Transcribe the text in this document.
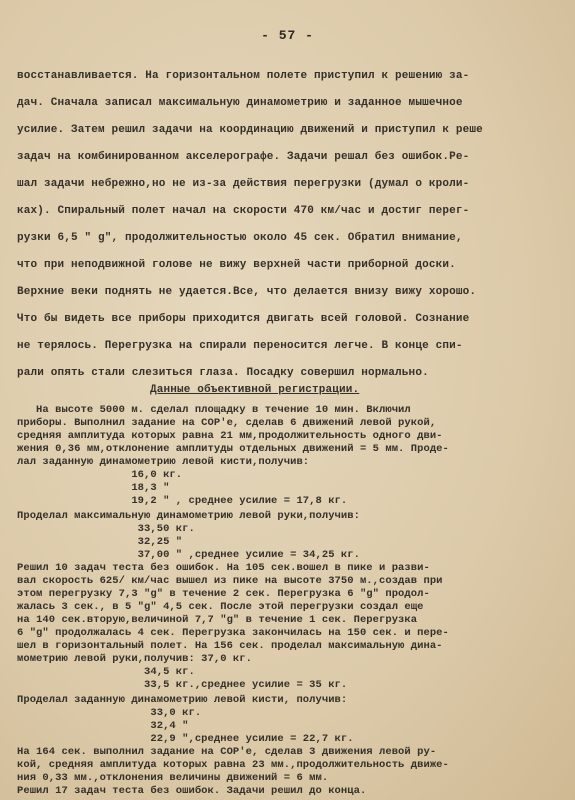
- 57 -
восстанавливается. На горизонтальном полете приступил к решению за-
дач. Сначала записал максимальную динамометрию и заданное мышечное
усилие. Затем решил задачи на координацию движений и приступил к реше
задач на комбинированном акселерографе. Задачи решал без ошибок.Ре-
шал задачи небрежно,но не из-за действия перегрузки (думал о кроли-
ках). Спиральный полет начал на скорости 470 км/час и достиг перег-
рузки 6,5 " g", продолжительностью около 45 сек. Обратил внимание,
что при неподвижной голове не вижу верхней части приборной доски.
Верхние веки поднять не удается.Все, что делается внизу вижу хорошо.
Что бы видеть все приборы приходится двигать всей головой. Сознание
не терялось. Перегрузка на спирали переносится легче. В конце спи-
рали опять стали слезиться глаза. Посадку совершил нормально.
Данные объективной регистрации.
На высоте 5000 м. сделал площадку в течение 10 мин. Включил
приборы. Выполнил задание на СОР'е, сделав 6 движений левой рукой,
средняя амплитуда которых равна 21 мм,продолжительность одного дви-
жения 0,36 мм,отклонение амплитуды отдельных движений = 5 мм. Проде-
лал заданную динамометрию левой кисти,получив:
16,0 кг.
18,3 "
19,2 " , среднее усилие = 17,8 кг.
Проделал максимальную динамометрию левой руки,получив:
33,50 кг.
32,25 "
37,00 " ,среднее усилие = 34,25 кг.
Решил 10 задач теста без ошибок. На 105 сек.вошел в пике и разви-
вал скорость 625/ км/час вышел из пике на высоте 3750 м.,создав при
этом перегрузку 7,3 "g" в течение 2 сек. Перегрузка 6 "g" продол-
жалась 3 сек., в 5 "g" 4,5 сек. После этой перегрузки создал еще
на 140 сек.вторую,величиной 7,7 "g" в течение 1 сек. Перегрузка
6 "g" продолжалась 4 сек. Перегрузка закончилась на 150 сек. и пере-
шел в горизонтальный полет. На 156 сек. проделал максимальную дина-
мометрию левой руки,получив: 37,0 кг.
34,5 кг.
33,5 кг.,среднее усилие = 35 кг.
Проделал заданную динамометрию левой кисти, получив:
33,0 кг.
32,4 "
22,9 ",среднее усилие = 22,7 кг.
На 164 сек. выполнил задание на СОР'е, сделав 3 движения левой ру-
кой, средняя амплитуда которых равна 23 мм.,продолжительность движе-
ния 0,33 мм.,отклонения величины движений = 6 мм.
Решил 17 задач теста без ошибок. Задачи решил до конца.
